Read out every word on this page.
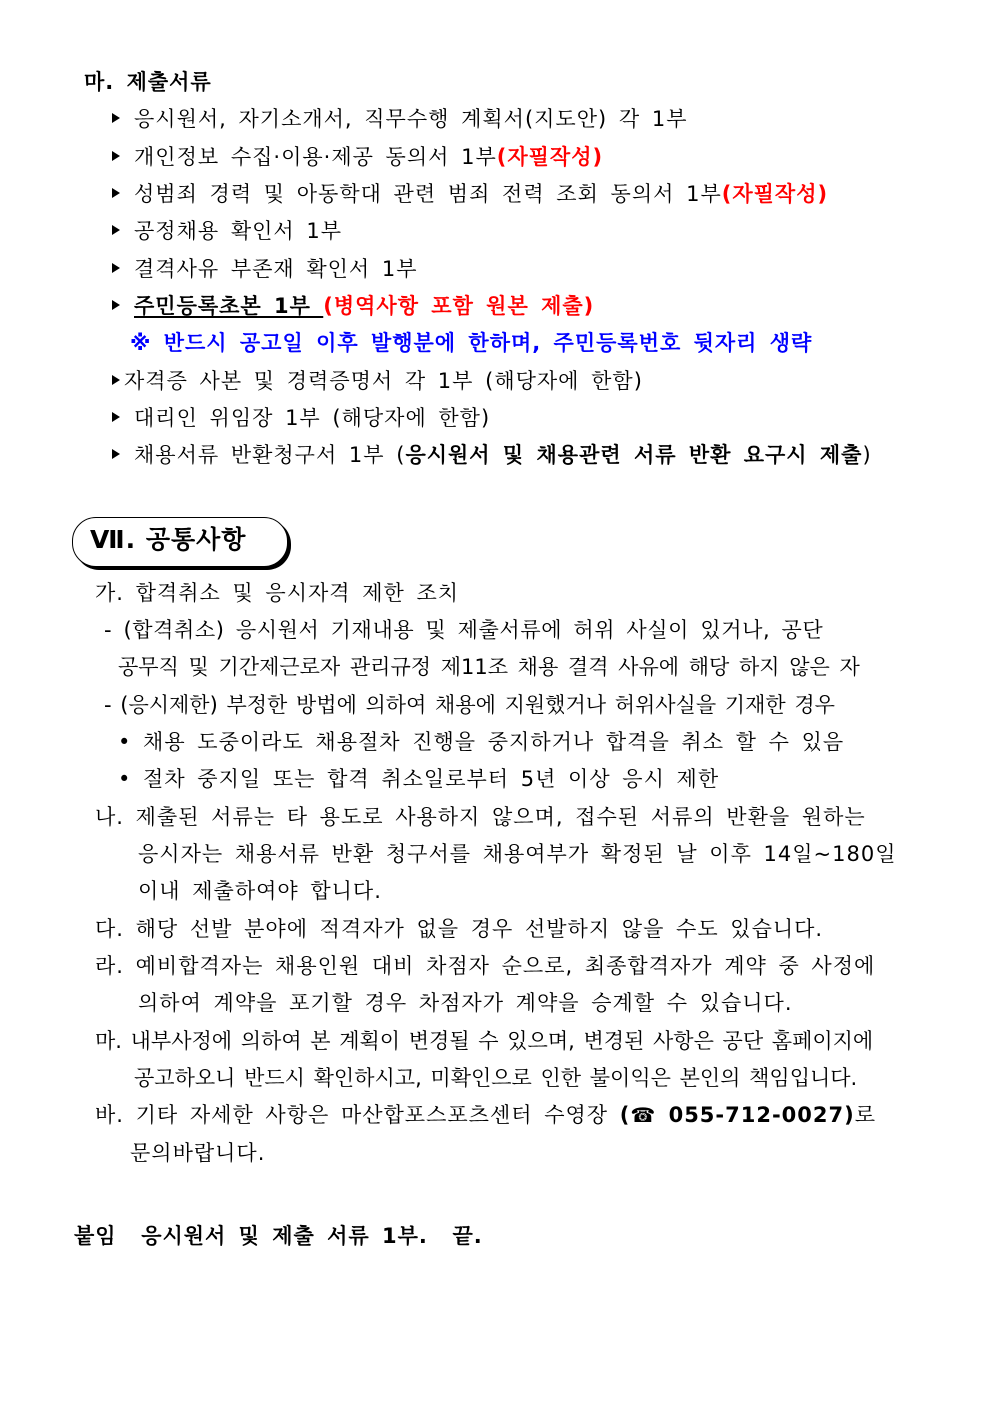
마. 제출서류
응시원서, 자기소개서, 직무수행 계획서(지도안) 각 1부
개인정보 수집·이용·제공 동의서 1부(자필작성)
성범죄 경력 및 아동학대 관련 범죄 전력 조회 동의서 1부(자필작성)
공정채용 확인서 1부
결격사유 부존재 확인서 1부
주민등록초본 1부 (병역사항 포함 원본 제출)
※ 반드시 공고일 이후 발행분에 한하며, 주민등록번호 뒷자리 생략
자격증 사본 및 경력증명서 각 1부 (해당자에 한함)
대리인 위임장 1부 (해당자에 한함)
채용서류 반환청구서 1부 (응시원서 및 채용관련 서류 반환 요구시 제출)
Ⅶ. 공통사항
가. 합격취소 및 응시자격 제한 조치
- (합격취소) 응시원서 기재내용 및 제출서류에 허위 사실이 있거나, 공단
공무직 및 기간제근로자 관리규정 제11조 채용 결격 사유에 해당 하지 않은 자
- (응시제한) 부정한 방법에 의하여 채용에 지원했거나 허위사실을 기재한 경우
• 채용 도중이라도 채용절차 진행을 중지하거나 합격을 취소 할 수 있음
• 절차 중지일 또는 합격 취소일로부터 5년 이상 응시 제한
나. 제출된 서류는 타 용도로 사용하지 않으며, 접수된 서류의 반환을 원하는
응시자는 채용서류 반환 청구서를 채용여부가 확정된 날 이후 14일~180일
이내 제출하여야 합니다.
다. 해당 선발 분야에 적격자가 없을 경우 선발하지 않을 수도 있습니다.
라. 예비합격자는 채용인원 대비 차점자 순으로, 최종합격자가 계약 중 사정에
의하여 계약을 포기할 경우 차점자가 계약을 승계할 수 있습니다.
마. 내부사정에 의하여 본 계획이 변경될 수 있으며, 변경된 사항은 공단 홈페이지에
공고하오니 반드시 확인하시고, 미확인으로 인한 불이익은 본인의 책임입니다.
바. 기타 자세한 사항은 마산합포스포츠센터 수영장 (☎ 055-712-0027)로
문의바랍니다.
붙임  응시원서 및 제출 서류 1부.  끝.
